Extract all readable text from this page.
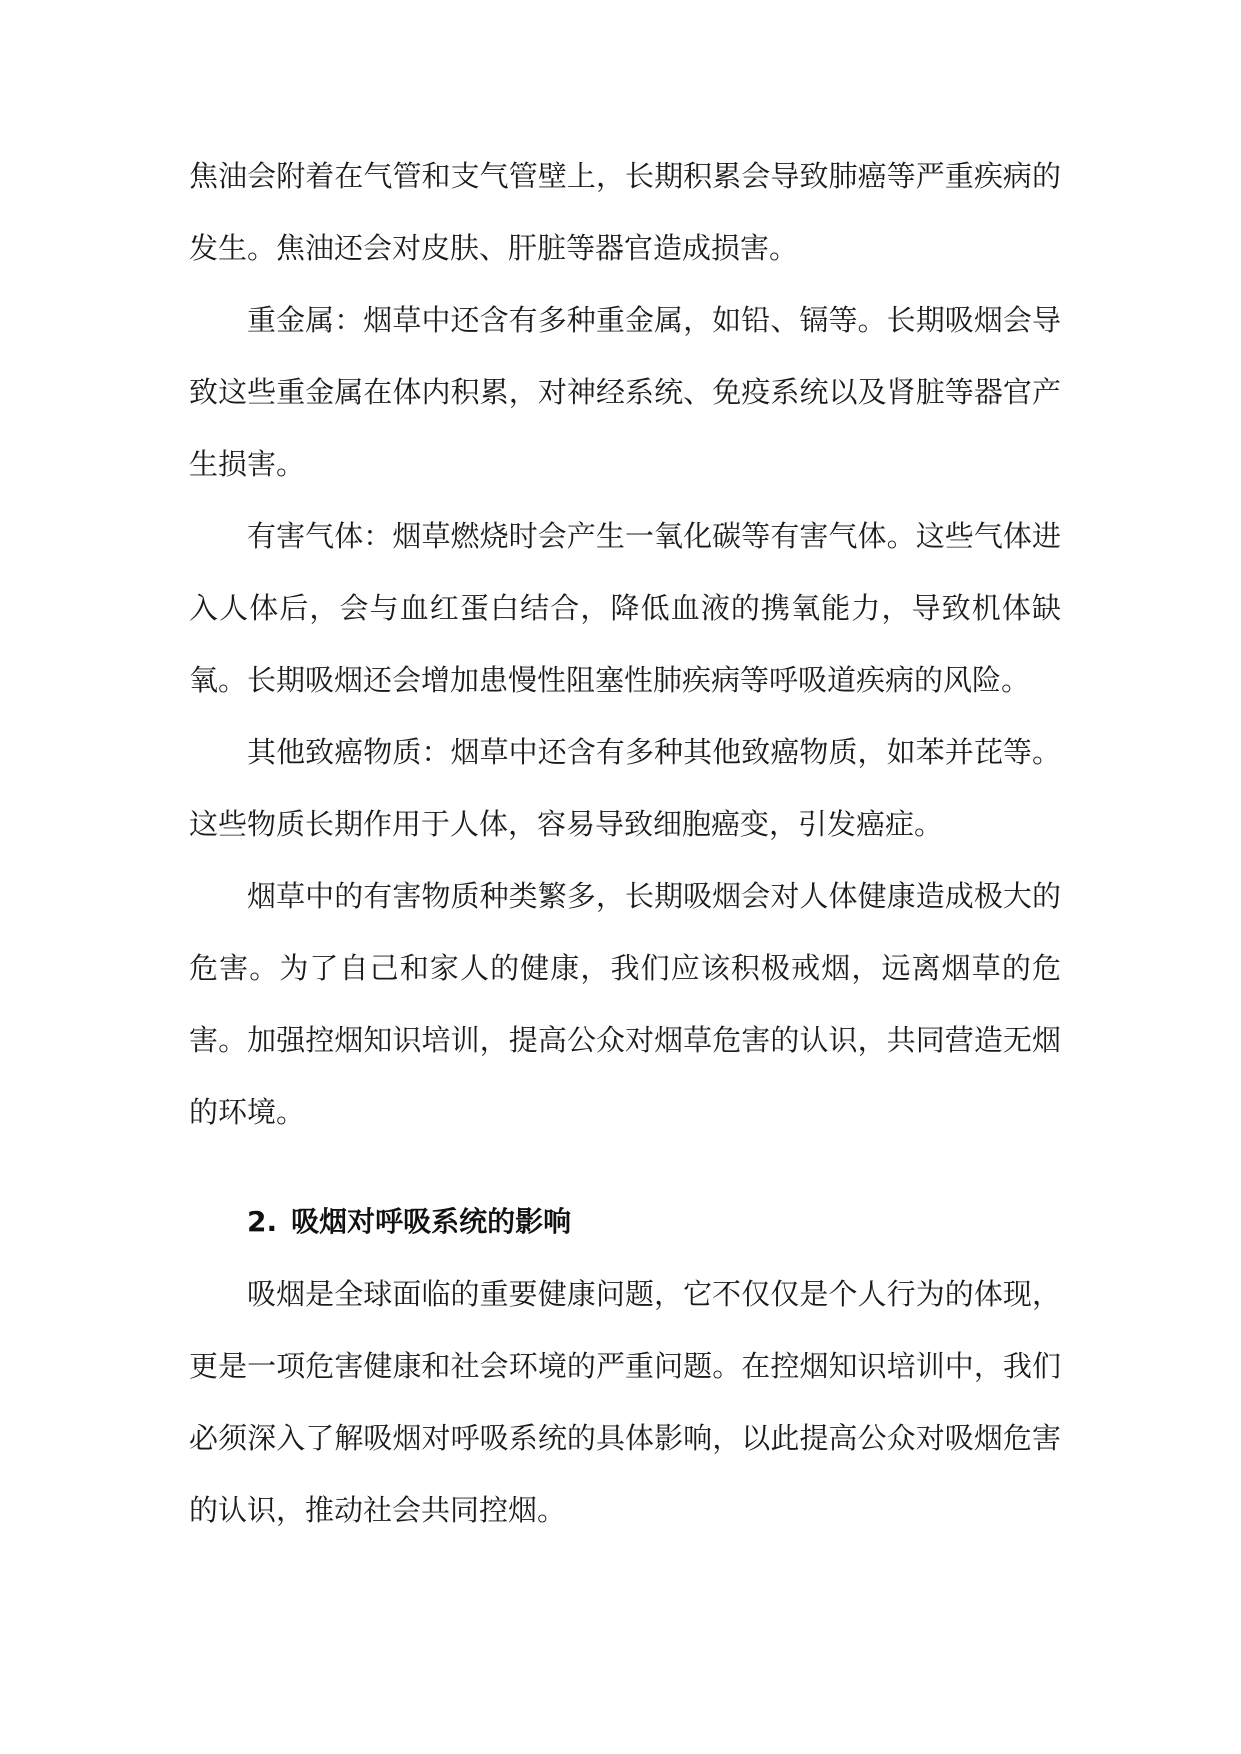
焦油会附着在气管和支气管壁上，长期积累会导致肺癌等严重疾病的发生。焦油还会对皮肤、肝脏等器官造成损害。

重金属：烟草中还含有多种重金属，如铅、镉等。长期吸烟会导致这些重金属在体内积累，对神经系统、免疫系统以及肾脏等器官产生损害。

有害气体：烟草燃烧时会产生一氧化碳等有害气体。这些气体进入人体后，会与血红蛋白结合，降低血液的携氧能力，导致机体缺氧。长期吸烟还会增加患慢性阻塞性肺疾病等呼吸道疾病的风险。

其他致癌物质：烟草中还含有多种其他致癌物质，如苯并芘等。这些物质长期作用于人体，容易导致细胞癌变，引发癌症。

烟草中的有害物质种类繁多，长期吸烟会对人体健康造成极大的危害。为了自己和家人的健康，我们应该积极戒烟，远离烟草的危害。加强控烟知识培训，提高公众对烟草危害的认识，共同营造无烟的环境。

2. 吸烟对呼吸系统的影响

吸烟是全球面临的重要健康问题，它不仅仅是个人行为的体现，更是一项危害健康和社会环境的严重问题。在控烟知识培训中，我们必须深入了解吸烟对呼吸系统的具体影响，以此提高公众对吸烟危害的认识，推动社会共同控烟。
